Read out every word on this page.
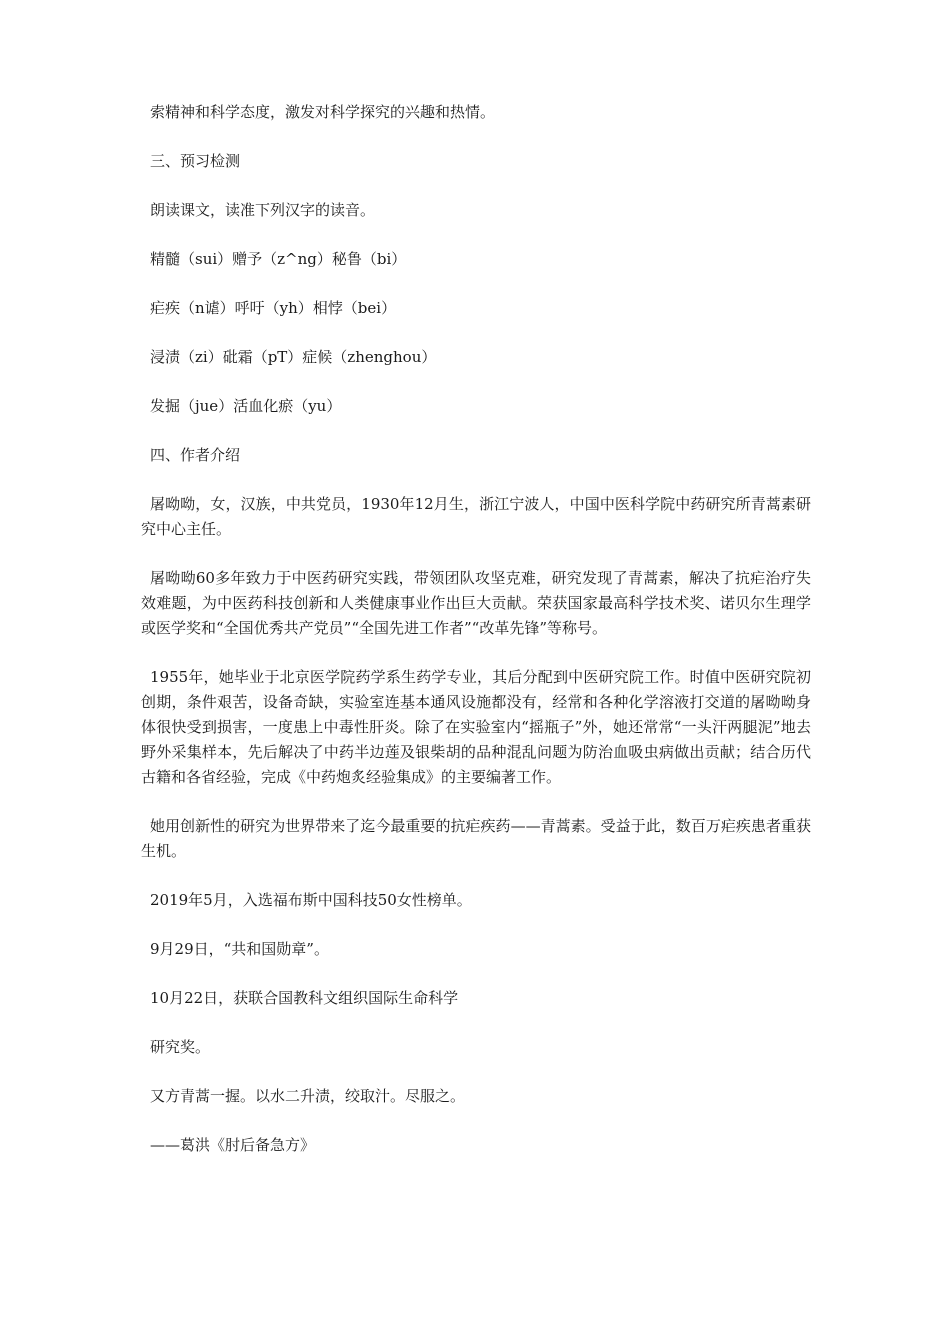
索精神和科学态度，激发对科学探究的兴趣和热情。

三、预习检测

朗读课文，读准下列汉字的读音。

精髓（sui）赠予（z^ng）秘鲁（bi）

疟疾（n谑）呼吁（yh）相悖（bei）

浸渍（zi）砒霜（pT）症候（zhenghou）

发掘（jue）活血化瘀（yu）

四、作者介绍

屠呦呦，女，汉族，中共党员，1930年12月生，浙江宁波人，中国中医科学院中药研究所青蒿素研究中心主任。

屠呦呦60多年致力于中医药研究实践，带领团队攻坚克难，研究发现了青蒿素，解决了抗疟治疗失效难题，为中医药科技创新和人类健康事业作出巨大贡献。荣获国家最高科学技术奖、诺贝尔生理学或医学奖和“全国优秀共产党员”“全国先进工作者”“改革先锋”等称号。

1955年，她毕业于北京医学院药学系生药学专业，其后分配到中医研究院工作。时值中医研究院初创期，条件艰苦，设备奇缺，实验室连基本通风设施都没有，经常和各种化学溶液打交道的屠呦呦身体很快受到损害，一度患上中毒性肝炎。除了在实验室内“摇瓶子”外，她还常常“一头汗两腿泥”地去野外采集样本，先后解决了中药半边莲及银柴胡的品种混乱问题为防治血吸虫病做出贡献；结合历代古籍和各省经验，完成《中药炮炙经验集成》的主要编著工作。

她用创新性的研究为世界带来了迄今最重要的抗疟疾药——青蒿素。受益于此，数百万疟疾患者重获生机。

2019年5月，入选福布斯中国科技50女性榜单。

9月29日，“共和国勋章”。

10月22日，获联合国教科文组织国际生命科学

研究奖。

又方青蒿一握。以水二升渍，绞取汁。尽服之。

——葛洪《肘后备急方》
